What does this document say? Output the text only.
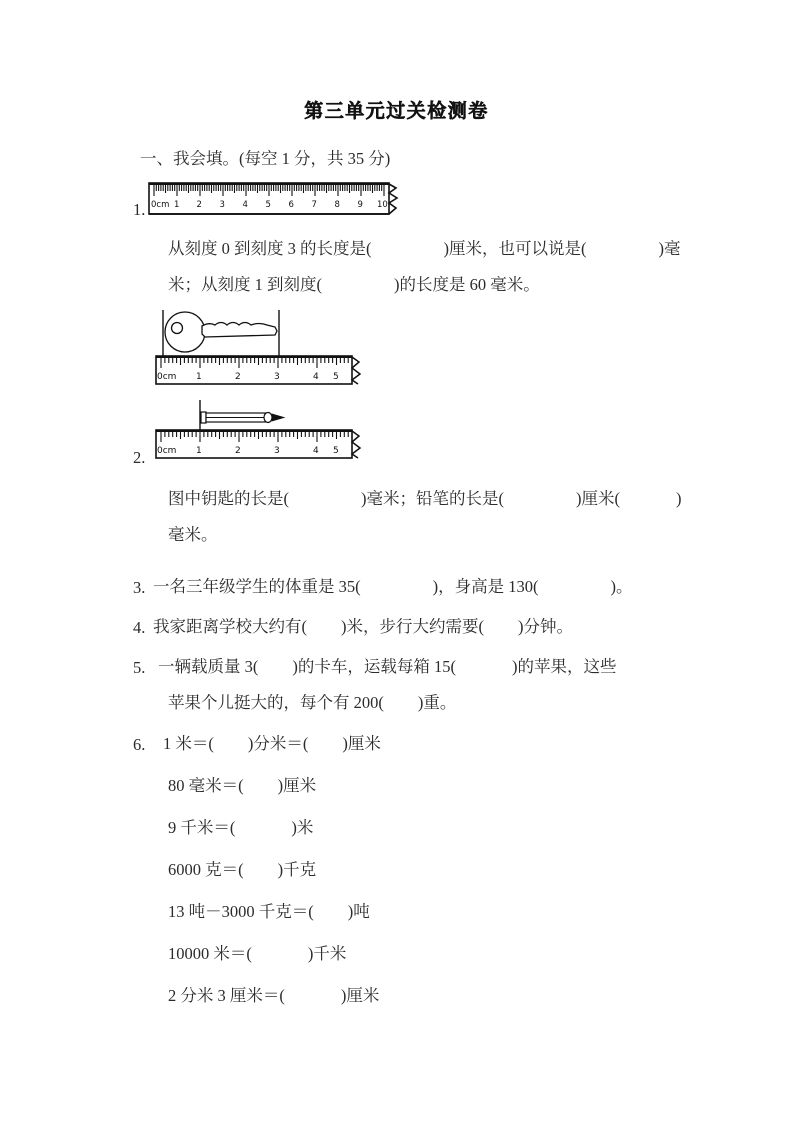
第三单元过关检测卷
一、我会填。(每空 1 分，共 35 分)
0cm 1 2 3 4 5 6 7 8 9 10
1.
从刻度 0 到刻度 3 的长度是(	)厘米，也可以说是(	)毫
米；从刻度 1 到刻度(	)的长度是 60 毫米。
0cm 1	2	3	4 5
0cm 1	2	3	4 5
2.
图中钥匙的长是(	)毫米；铅笔的长是(	)厘米(	)
毫米。
3. 一名三年级学生的体重是 35(	)，身高是 130(	)。
4. 我家距离学校大约有( )米，步行大约需要( )分钟。
5. 一辆载质量 3( )的卡车，运载每箱 15(	)的苹果，这些
苹果个儿挺大的，每个有 200( )重。
6. 1 米＝( )分米＝( )厘米
80 毫米＝( )厘米
9 千米＝(	)米
6000 克＝( )千克
13 吨－3000 千克＝( )吨
10000 米＝(	)千米
2 分米 3 厘米＝(	)厘米
